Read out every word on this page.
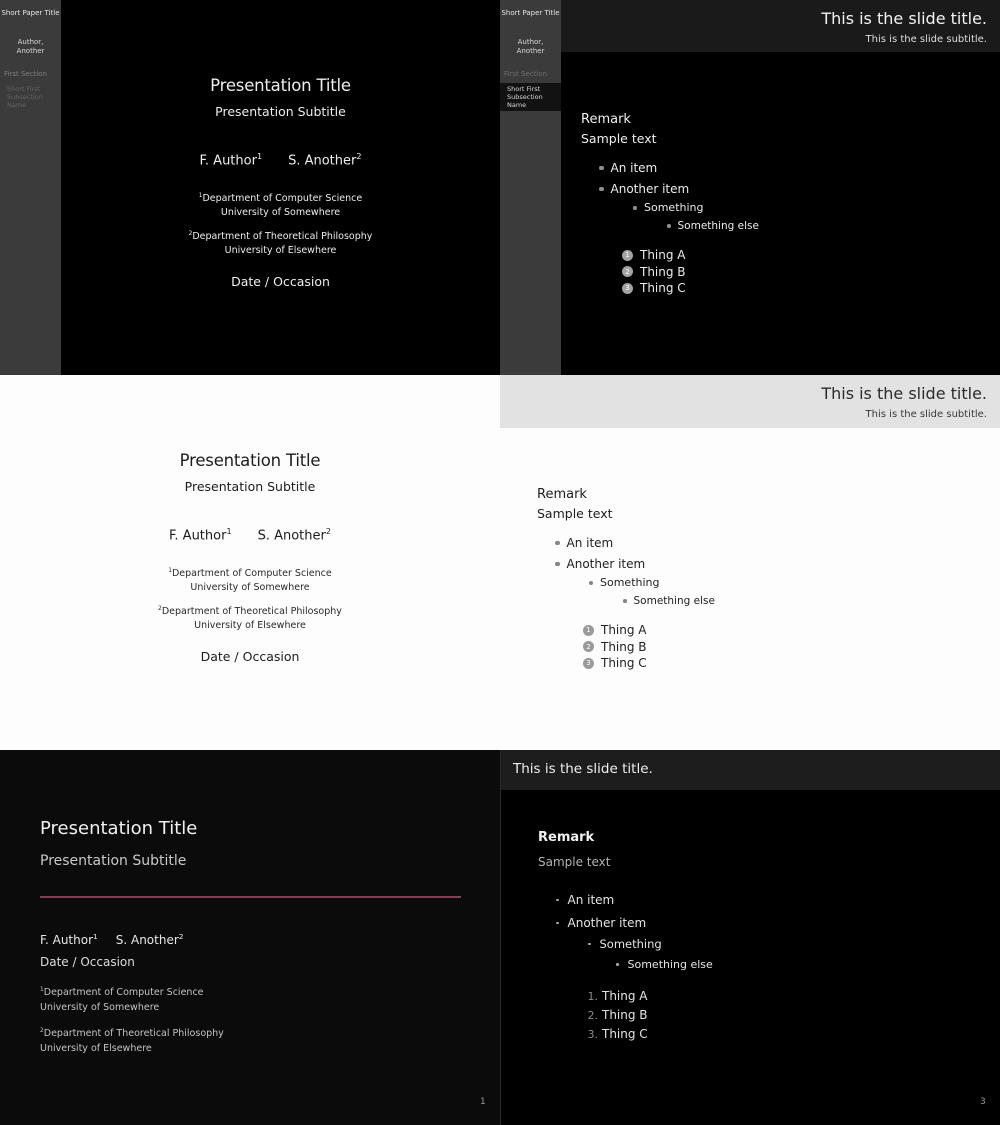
Short Paper Title
Author, Another
First Section
Short First Subsection Name
Presentation Title
Presentation Subtitle
F. Author$^1$ S. Another$^2$
$^1$Department of Computer Science
University of Somewhere
$^2$Department of Theoretical Philosophy
University of Elsewhere
Date / Occasion
Short Paper Title
Author, Another
First Section
Short First Subsection Name
This is the slide title.
This is the slide subtitle.
Remark
Sample text
An item
Another item
Something
Something else
1 Thing A
2 Thing B
3 Thing C
Presentation Title
Presentation Subtitle
F. Author$^1$ S. Another$^2$
$^1$Department of Computer Science
University of Somewhere
$^2$Department of Theoretical Philosophy
University of Elsewhere
Date / Occasion
This is the slide title.
This is the slide subtitle.
Remark
Sample text
An item
Another item
Something
Something else
1 Thing A
2 Thing B
3 Thing C
Presentation Title
Presentation Subtitle
F. Author$^1$ S. Another$^2$
Date / Occasion
$^1$Department of Computer Science
University of Somewhere
$^2$Department of Theoretical Philosophy
University of Elsewhere
1
This is the slide title.
Remark
Sample text
An item
Another item
Something
Something else
1. Thing A
2. Thing B
3. Thing C
3
